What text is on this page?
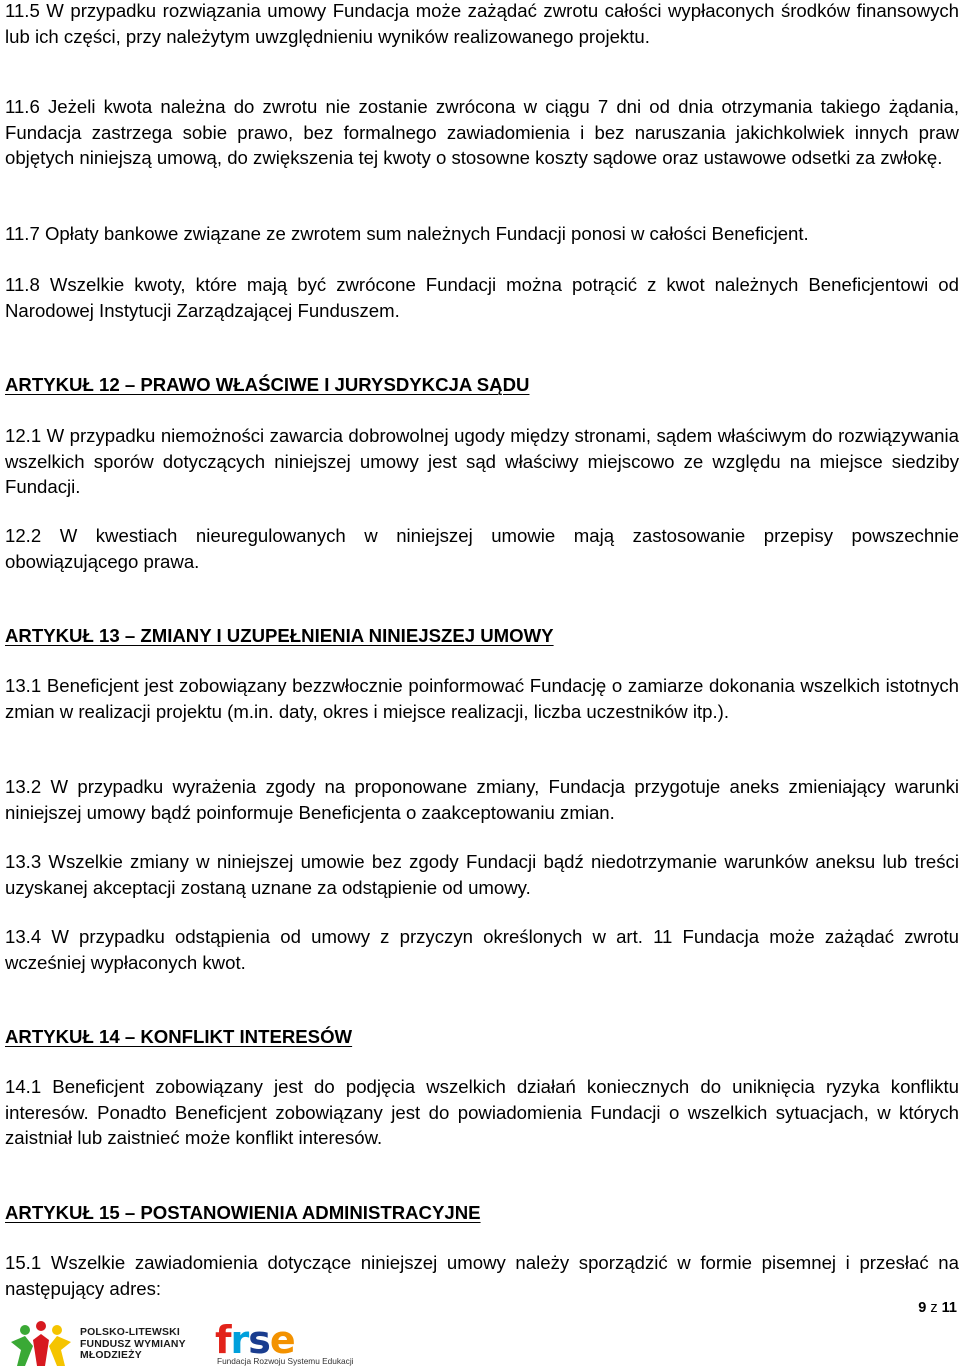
11.5 W przypadku rozwiązania umowy Fundacja może zażądać zwrotu całości wypłaconych środków finansowych lub ich części, przy należytym uwzględnieniu wyników realizowanego projektu.

11.6 Jeżeli kwota należna do zwrotu nie zostanie zwrócona w ciągu 7 dni od dnia otrzymania takiego żądania, Fundacja zastrzega sobie prawo, bez formalnego zawiadomienia i bez naruszania jakichkolwiek innych praw objętych niniejszą umową, do zwiększenia tej kwoty o stosowne koszty sądowe oraz ustawowe odsetki za zwłokę.

11.7 Opłaty bankowe związane ze zwrotem sum należnych Fundacji ponosi w całości Beneficjent.

11.8 Wszelkie kwoty, które mają być zwrócone Fundacji można potrącić z kwot należnych Beneficjentowi od Narodowej Instytucji Zarządzającej Funduszem.

ARTYKUŁ 12 – PRAWO WŁAŚCIWE I JURYSDYKCJA SĄDU

12.1 W przypadku niemożności zawarcia dobrowolnej ugody między stronami, sądem właściwym do rozwiązywania wszelkich sporów dotyczących niniejszej umowy jest sąd właściwy miejscowo ze względu na miejsce siedziby Fundacji.

12.2 W kwestiach nieuregulowanych w niniejszej umowie mają zastosowanie przepisy powszechnie obowiązującego prawa.

ARTYKUŁ 13 – ZMIANY I UZUPEŁNIENIA NINIEJSZEJ UMOWY

13.1 Beneficjent jest zobowiązany bezzwłocznie poinformować Fundację o zamiarze dokonania wszelkich istotnych zmian w realizacji projektu (m.in. daty, okres i miejsce realizacji, liczba uczestników itp.).

13.2 W przypadku wyrażenia zgody na proponowane zmiany, Fundacja przygotuje aneks zmieniający warunki niniejszej umowy bądź poinformuje Beneficjenta o zaakceptowaniu zmian.

13.3 Wszelkie zmiany w niniejszej umowie bez zgody Fundacji bądź niedotrzymanie warunków aneksu lub treści uzyskanej akceptacji zostaną uznane za odstąpienie od umowy.

13.4 W przypadku odstąpienia od umowy z przyczyn określonych w art. 11 Fundacja może zażądać zwrotu wcześniej wypłaconych kwot.

ARTYKUŁ 14 – KONFLIKT INTERESÓW

14.1 Beneficjent zobowiązany jest do podjęcia wszelkich działań koniecznych do uniknięcia ryzyka konfliktu interesów. Ponadto Beneficjent zobowiązany jest do powiadomienia Fundacji o wszelkich sytuacjach, w których zaistniał lub zaistnieć może konflikt interesów.

ARTYKUŁ 15 – POSTANOWIENIA ADMINISTRACYJNE

15.1 Wszelkie zawiadomienia dotyczące niniejszej umowy należy sporządzić w formie pisemnej i przesłać na następujący adres:

9 z 11
POLSKO-LITEWSKI
FUNDUSZ WYMIANY
MŁODZIEŻY	frse
Fundacja Rozwoju Systemu Edukacji
